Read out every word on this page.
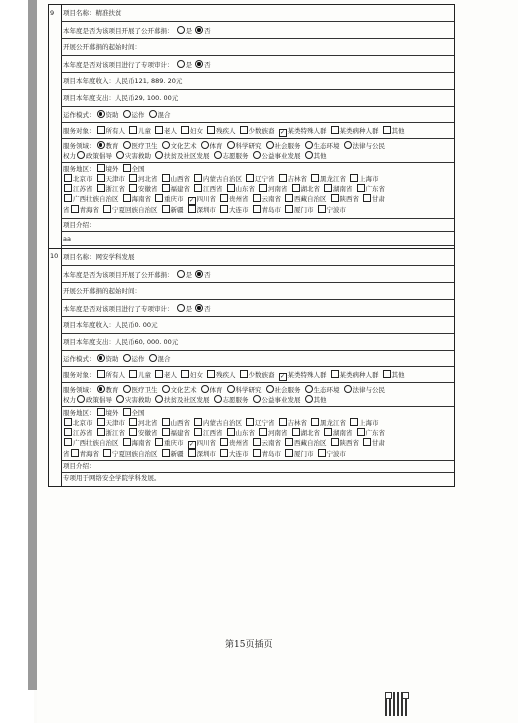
9	项目名称：精准扶贫
本年度是否为该项目开展了公开募捐： 是 否
开展公开募捐的起始时间：
本年度是否对该项目进行了专项审计： 是 否
项目本年度收入：人民币121, 889. 20元
项目本年度支出：人民币29, 100. 00元
运作模式： 资助 运作 混合
服务对象： 所有人 儿童 老人 妇女 残疾人 少数族裔 ✓ 某类特殊人群 某类病种人群 其他
服务领域： 教育 医疗卫生 文化艺术 体育 科学研究 社会服务 生态环境 法律与公民
权力 政策倡导 灾害救助 扶贫及社区发展 志愿服务 公益事业发展 其他
服务地区： 境外 全国
北京市 天津市 河北省 山西省 内蒙古自治区 辽宁省 吉林省 黑龙江省 上海市
江苏省 浙江省 安徽省 福建省 江西省 山东省 河南省 湖北省 湖南省 广东省
广西壮族自治区 海南省 重庆市 ✓ 四川省 贵州省 云南省 西藏自治区 陕西省 甘肃
省 青海省 宁夏回族自治区 新疆 深圳市 大连市 青岛市 厦门市 宁波市
项目介绍：
aa
10 项目名称：网安学科发展
本年度是否为该项目开展了公开募捐： 是 否
开展公开募捐的起始时间：
本年度是否对该项目进行了专项审计： 是 否
项目本年度收入：人民币0. 00元
项目本年度支出：人民币60, 000. 00元
运作模式： 资助 运作 混合
服务对象： 所有人 儿童 老人 妇女 残疾人 少数族裔 ✓ 某类特殊人群 某类病种人群 其他
服务领域： 教育 医疗卫生 文化艺术 体育 科学研究 社会服务 生态环境 法律与公民
权力 政策倡导 灾害救助 扶贫及社区发展 志愿服务 公益事业发展 其他
服务地区： 境外 全国
北京市 天津市 河北省 山西省 内蒙古自治区 辽宁省 吉林省 黑龙江省 上海市
江苏省 浙江省 安徽省 福建省 江西省 山东省 河南省 湖北省 湖南省 广东省
广西壮族自治区 海南省 重庆市 ✓ 四川省 贵州省 云南省 西藏自治区 陕西省 甘肃
省 青海省 宁夏回族自治区 新疆 深圳市 大连市 青岛市 厦门市 宁波市
项目介绍：
专项用于网络安全学院学科发展。
第15页插页
